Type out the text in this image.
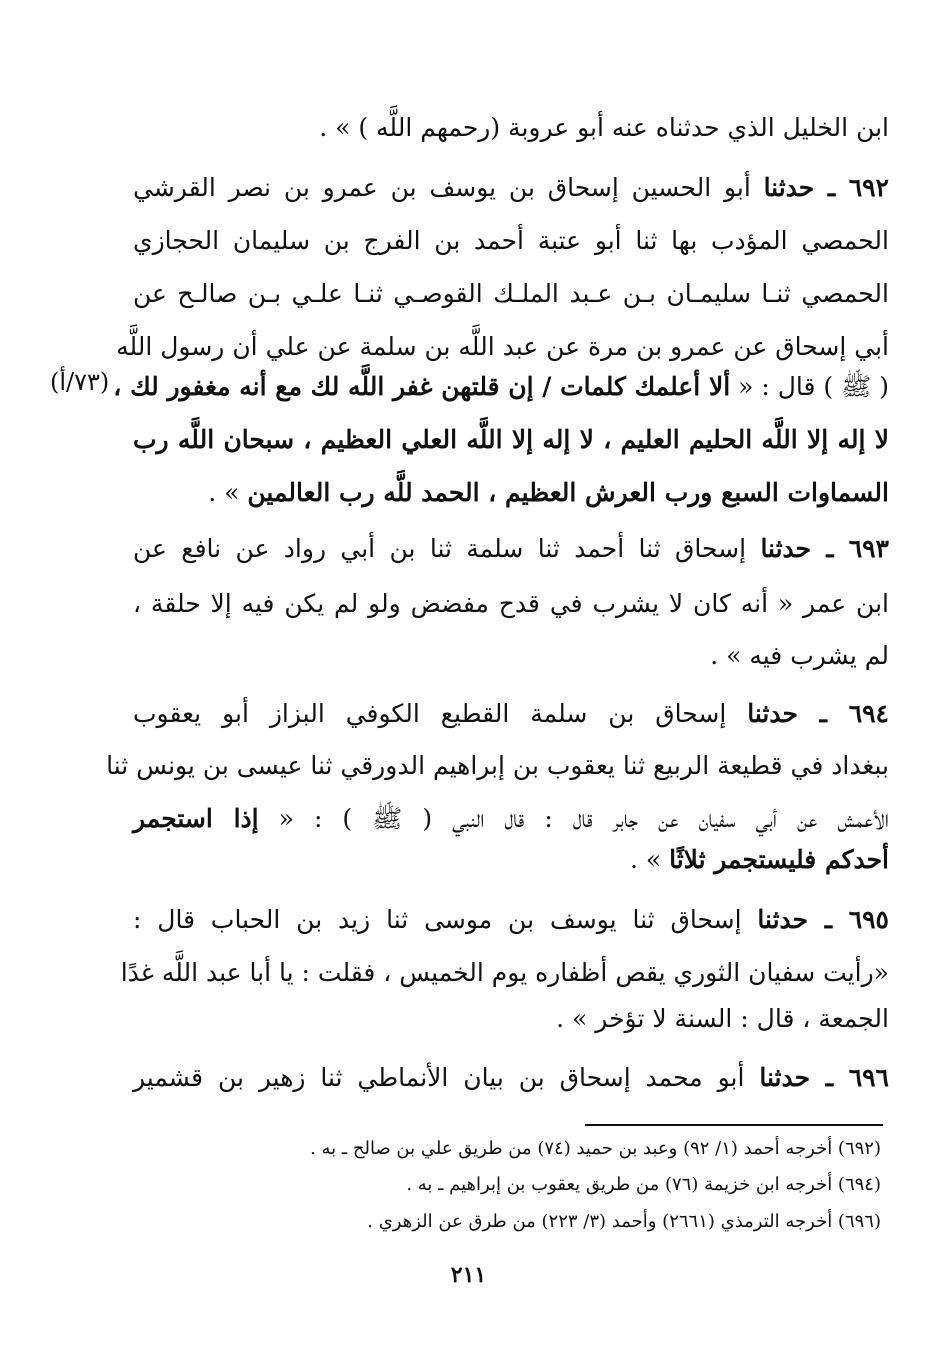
ابن الخليل الذي حدثناه عنه أبو عروبة (رحمهم اللَّه ) » .
٦٩٢ ـ حدثنا أبو الحسين إسحاق بن يوسف بن عمرو بن نصر القرشي
الحمصي المؤدب بها ثنا أبو عتبة أحمد بن الفرج بن سليمان الحجازي
الحمصي ثنـا سليمـان بـن عـبد الملـك القوصـي ثنـا علـي بـن صالـح عن
أبي إسحاق عن عمرو بن مرة عن عبد اللَّه بن سلمة عن علي أن رسول اللَّه
( ﷺ ) قال : « ألا أعلمك كلمات / إن قلتهن غفر اللَّه لك مع أنه مغفور لك ،
لا إله إلا اللَّه الحليم العليم ، لا إله إلا اللَّه العلي العظيم ، سبحان اللَّه رب
السماوات السبع ورب العرش العظيم ، الحمد للَّه رب العالمين » .
٦٩٣ ـ حدثنا إسحاق ثنا أحمد ثنا سلمة ثنا بن أبي رواد عن نافع عن
ابن عمر « أنه كان لا يشرب في قدح مفضض ولو لم يكن فيه إلا حلقة ،
لم يشرب فيه » .
٦٩٤ ـ حدثنا إسحاق بن سلمة القطيع الكوفي البزاز أبو يعقوب
ببغداد في قطيعة الربيع ثنا يعقوب بن إبراهيم الدورقي ثنا عيسى بن يونس ثنا
الأعمش عن أبي سفيان عن جابر قال : قال النبي ( ﷺ ) : « إذا استجمر
أحدكم فليستجمر ثلاثًا » .
٦٩٥ ـ حدثنا إسحاق ثنا يوسف بن موسى ثنا زيد بن الحباب قال :
«رأيت سفيان الثوري يقص أظفاره يوم الخميس ، فقلت : يا أبا عبد اللَّه غدًا
الجمعة ، قال : السنة لا تؤخر » .
٦٩٦ ـ حدثنا أبو محمد إسحاق بن بيان الأنماطي ثنا زهير بن قشمير
(٧٣/أ)
(٦٩٢) أخرجه أحمد (١/ ٩٢) وعبد بن حميد (٧٤) من طريق علي بن صالح ـ به .
(٦٩٤) أخرجه ابن خزيمة (٧٦) من طريق يعقوب بن إبراهيم ـ به .
(٦٩٦) أخرجه الترمذي (٢٦٦١) وأحمد (٣/ ٢٢٣) من طرق عن الزهري .
٢١١
